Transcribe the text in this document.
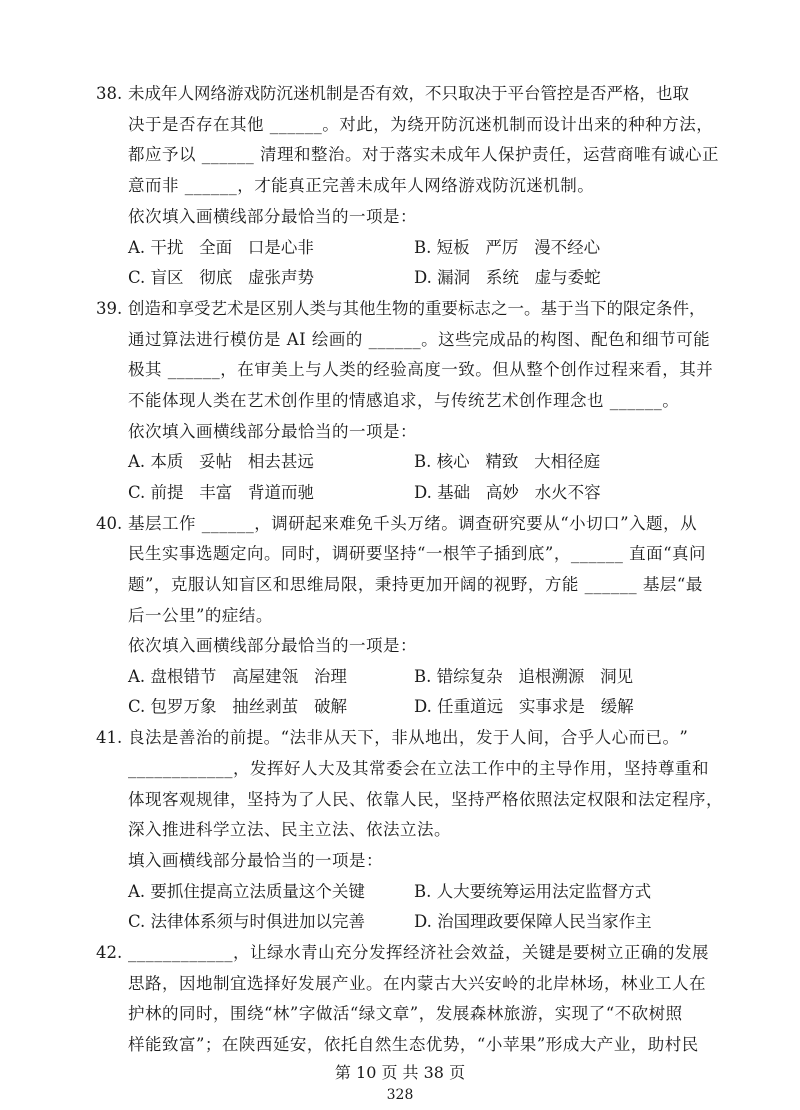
38. 未 成 年 人 网 络 游 戏 防 沉 迷 机 制 是 否 有 效 ， 不 只 取 决 于 平 台 管 控 是 否 严 格 ， 也 取
决于是否存在其他 ______。对此，为绕开防沉迷机制而设计出来的种种方法，
都应予以 ______ 清理和整治。对于落实未成年人保护责任，运营商唯有诚心正
意而非 ______，才能真正完善未成年人网络游戏防沉迷机制。
依次填入画横线部分最恰当的一项是：
A. 干扰   全面   口是心非	B. 短板   严厉   漫不经心
C. 盲区   彻底   虚张声势	D. 漏洞   系统   虚与委蛇
39. 创 造 和 享 受 艺 术 是 区 别 人 类 与 其 他 生 物 的 重 要 标 志 之 一 。 基 于 当 下 的 限 定 条 件 ，
通过算法进行模仿是 AI 绘画的 ______。这些完成品的构图、配色和细节可能
极其 ______，在审美上与人类的经验高度一致。但从整个创作过程来看，其并
不能体现人类在艺术创作里的情感追求，与传统艺术创作理念也 ______。
依次填入画横线部分最恰当的一项是：
A. 本质   妥帖   相去甚远	B. 核心   精致   大相径庭
C. 前提   丰富   背道而驰	D. 基础   高妙   水火不容
40. 基层工作 ______，调研起来难免千头万绪。调查研究要从“小切口”入题，从
民生实事选题定向。同时，调研要坚持“一根竿子插到底”，______ 直面“真问
题”，克服认知盲区和思维局限，秉持更加开阔的视野，方能 ______ 基层“最
后一公里”的症结。
依次填入画横线部分最恰当的一项是：
A. 盘根错节   高屋建瓴   治理	B. 错综复杂   追根溯源   洞见
C. 包罗万象   抽丝剥茧   破解	D. 任重道远   实事求是   缓解
41. 良 法 是 善 治 的 前 提 。 “ 法 非 从 天 下 ， 非 从 地 出 ， 发 于 人 间 ， 合 乎 人 心 而 已 。 ”
____________，发挥好人大及其常委会在立法工作中的主导作用，坚持尊重和
体现客观规律，坚持为了人民、依靠人民，坚持严格依照法定权限和法定程序，
深入推进科学立法、民主立法、依法立法。
填入画横线部分最恰当的一项是：
A. 要抓住提高立法质量这个关键	B. 人大要统筹运用法定监督方式
C. 法律体系须与时俱进加以完善	D. 治国理政要保障人民当家作主
42. ____________，让绿水青山充分发挥经济社会效益，关键是要树立正确的发展
思路，因地制宜选择好发展产业。在内蒙古大兴安岭的北岸林场，林业工人在
护林的同时，围绕“林”字做活“绿文章”，发展森林旅游，实现了“不砍树照
样能致富”；在陕西延安，依托自然生态优势，“小苹果”形成大产业，助村民
第 10 页 共 38 页
328
